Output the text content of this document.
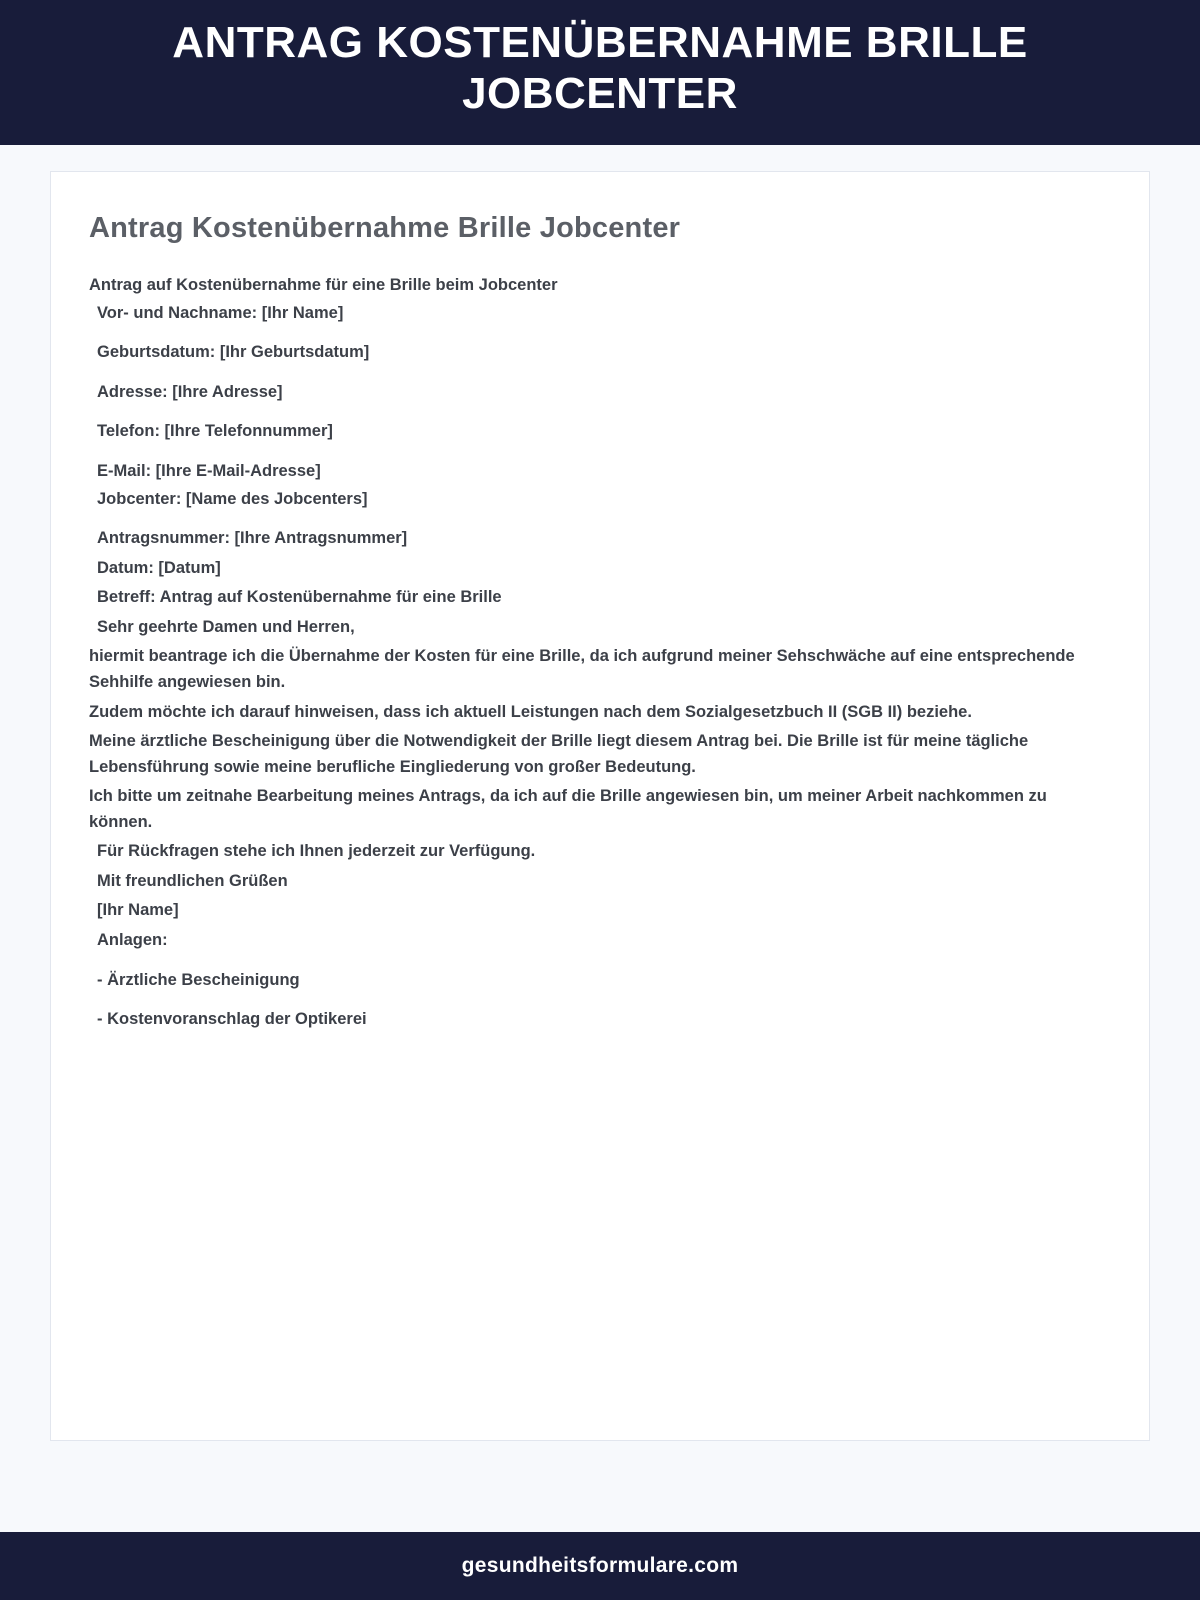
ANTRAG KOSTENÜBERNAHME BRILLE JOBCENTER
Antrag Kostenübernahme Brille Jobcenter
Antrag auf Kostenübernahme für eine Brille beim Jobcenter
Vor- und Nachname: [Ihr Name]
Geburtsdatum: [Ihr Geburtsdatum]
Adresse: [Ihre Adresse]
Telefon: [Ihre Telefonnummer]
E-Mail: [Ihre E-Mail-Adresse]
Jobcenter: [Name des Jobcenters]
Antragsnummer: [Ihre Antragsnummer]
Datum: [Datum]
Betreff: Antrag auf Kostenübernahme für eine Brille
Sehr geehrte Damen und Herren,
hiermit beantrage ich die Übernahme der Kosten für eine Brille, da ich aufgrund meiner Sehschwäche auf eine entsprechende Sehhilfe angewiesen bin.
Zudem möchte ich darauf hinweisen, dass ich aktuell Leistungen nach dem Sozialgesetzbuch II (SGB II) beziehe.
Meine ärztliche Bescheinigung über die Notwendigkeit der Brille liegt diesem Antrag bei. Die Brille ist für meine tägliche Lebensführung sowie meine berufliche Eingliederung von großer Bedeutung.
Ich bitte um zeitnahe Bearbeitung meines Antrags, da ich auf die Brille angewiesen bin, um meiner Arbeit nachkommen zu können.
Für Rückfragen stehe ich Ihnen jederzeit zur Verfügung.
Mit freundlichen Grüßen
[Ihr Name]
Anlagen:
- Ärztliche Bescheinigung
- Kostenvoranschlag der Optikerei
gesundheitsformulare.com
